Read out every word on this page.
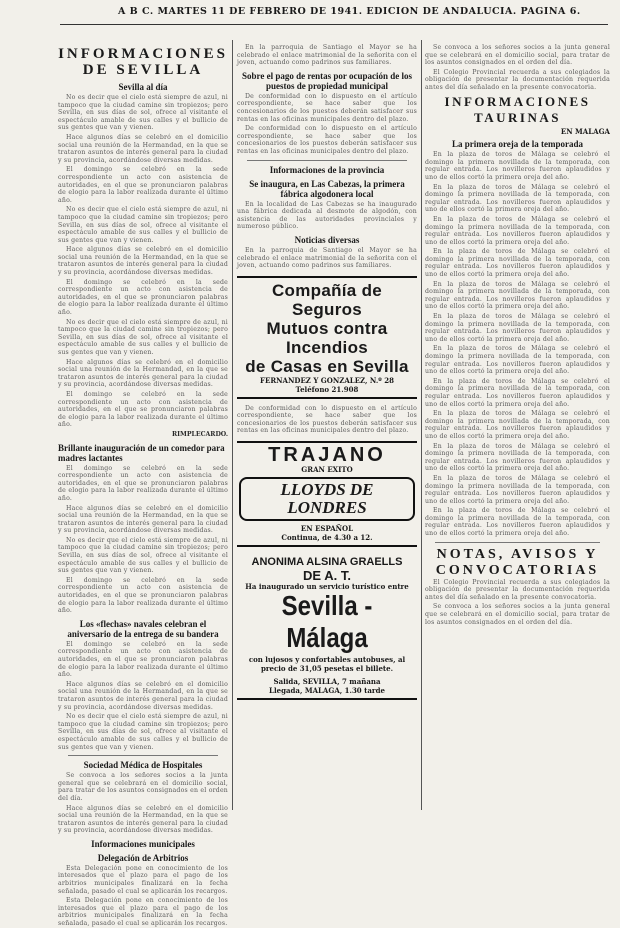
A B C. MARTES 11 DE FEBRERO DE 1941. EDICION DE ANDALUCIA. PAGINA 6.
INFORMACIONES DE SEVILLA
Sevilla al día

No es decir que el cielo está siempre de azul, ni tampoco que la ciudad camine sin tropiezos; pero Sevilla, en sus días de sol, ofrece al visitante el espectáculo amable de sus calles y el bullicio de sus gentes que van y vienen.

Hace algunos días se celebró en el domicilio social una reunión de la Hermandad, en la que se trataron asuntos de interés general para la ciudad y su provincia, acordándose diversas medidas.

El domingo se celebró en la sede correspondiente un acto con asistencia de autoridades, en el que se pronunciaron palabras de elogio para la labor realizada durante el último año.

No es decir que el cielo está siempre de azul, ni tampoco que la ciudad camine sin tropiezos; pero Sevilla, en sus días de sol, ofrece al visitante el espectáculo amable de sus calles y el bullicio de sus gentes que van y vienen.

Hace algunos días se celebró en el domicilio social una reunión de la Hermandad, en la que se trataron asuntos de interés general para la ciudad y su provincia, acordándose diversas medidas.

El domingo se celebró en la sede correspondiente un acto con asistencia de autoridades, en el que se pronunciaron palabras de elogio para la labor realizada durante el último año.

No es decir que el cielo está siempre de azul, ni tampoco que la ciudad camine sin tropiezos; pero Sevilla, en sus días de sol, ofrece al visitante el espectáculo amable de sus calles y el bullicio de sus gentes que van y vienen.

Hace algunos días se celebró en el domicilio social una reunión de la Hermandad, en la que se trataron asuntos de interés general para la ciudad y su provincia, acordándose diversas medidas.

El domingo se celebró en la sede correspondiente un acto con asistencia de autoridades, en el que se pronunciaron palabras de elogio para la labor realizada durante el último año.

RIMPLECARDO.

Brillante inauguración de un comedor para madres lactantes

El domingo se celebró en la sede correspondiente un acto con asistencia de autoridades, en el que se pronunciaron palabras de elogio para la labor realizada durante el último año.

Hace algunos días se celebró en el domicilio social una reunión de la Hermandad, en la que se trataron asuntos de interés general para la ciudad y su provincia, acordándose diversas medidas.

No es decir que el cielo está siempre de azul, ni tampoco que la ciudad camine sin tropiezos; pero Sevilla, en sus días de sol, ofrece al visitante el espectáculo amable de sus calles y el bullicio de sus gentes que van y vienen.

El domingo se celebró en la sede correspondiente un acto con asistencia de autoridades, en el que se pronunciaron palabras de elogio para la labor realizada durante el último año.

Los «flechas» navales celebran el aniversario de la entrega de su bandera

El domingo se celebró en la sede correspondiente un acto con asistencia de autoridades, en el que se pronunciaron palabras de elogio para la labor realizada durante el último año.

Hace algunos días se celebró en el domicilio social una reunión de la Hermandad, en la que se trataron asuntos de interés general para la ciudad y su provincia, acordándose diversas medidas.

No es decir que el cielo está siempre de azul, ni tampoco que la ciudad camine sin tropiezos; pero Sevilla, en sus días de sol, ofrece al visitante el espectáculo amable de sus calles y el bullicio de sus gentes que van y vienen.

Sociedad Médica de Hospitales

Se convoca a los señores socios a la junta general que se celebrará en el domicilio social, para tratar de los asuntos consignados en el orden del día.

Hace algunos días se celebró en el domicilio social una reunión de la Hermandad, en la que se trataron asuntos de interés general para la ciudad y su provincia, acordándose diversas medidas.

Informaciones municipales
Delegación de Arbitrios

Esta Delegación pone en conocimiento de los interesados que el plazo para el pago de los arbitrios municipales finalizará en la fecha señalada, pasado el cual se aplicarán los recargos.

Esta Delegación pone en conocimiento de los interesados que el plazo para el pago de los arbitrios municipales finalizará en la fecha señalada, pasado el cual se aplicarán los recargos.

En la parroquia de Santiago el Mayor se ha celebrado el enlace matrimonial de la señorita con el joven, actuando como padrinos sus familiares.

Sobre el pago de rentas por ocupación de los puestos de propiedad municipal

De conformidad con lo dispuesto en el artículo correspondiente, se hace saber que los concesionarios de los puestos deberán satisfacer sus rentas en las oficinas municipales dentro del plazo.

De conformidad con lo dispuesto en el artículo correspondiente, se hace saber que los concesionarios de los puestos deberán satisfacer sus rentas en las oficinas municipales dentro del plazo.

Informaciones de la provincia
Se inaugura, en Las Cabezas, la primera fábrica algodonera local

En la localidad de Las Cabezas se ha inaugurado una fábrica dedicada al desmote de algodón, con asistencia de las autoridades provinciales y numeroso público.

Noticias diversas

En la parroquia de Santiago el Mayor se ha celebrado el enlace matrimonial de la señorita con el joven, actuando como padrinos sus familiares.

Compañía de Seguros
Mutuos contra Incendios
de Casas en Sevilla
FERNANDEZ Y GONZALEZ, N.º 28
Teléfono 21.908

De conformidad con lo dispuesto en el artículo correspondiente, se hace saber que los concesionarios de los puestos deberán satisfacer sus rentas en las oficinas municipales dentro del plazo.

TRAJANO
GRAN EXITO
LLOYDS DE LONDRES
EN ESPAÑOL
Continua, de 4.30 a 12.
ANONIMA ALSINA GRAELLS
DE A. T.
Ha inaugurado un servicio turístico entre
Sevilla - Málaga
con lujosos y confortables autobuses, al precio de 31,05 pesetas el billete.
Salida, SEVILLA, 7 mañana
Llegada, MALAGA, 1.30 tarde

Se convoca a los señores socios a la junta general que se celebrará en el domicilio social, para tratar de los asuntos consignados en el orden del día.

El Colegio Provincial recuerda a sus colegiados la obligación de presentar la documentación requerida antes del día señalado en la presente convocatoria.

INFORMACIONES TAURINAS
EN MALAGA
La primera oreja de la temporada

En la plaza de toros de Málaga se celebró el domingo la primera novillada de la temporada, con regular entrada. Los novilleros fueron aplaudidos y uno de ellos cortó la primera oreja del año.

En la plaza de toros de Málaga se celebró el domingo la primera novillada de la temporada, con regular entrada. Los novilleros fueron aplaudidos y uno de ellos cortó la primera oreja del año.

En la plaza de toros de Málaga se celebró el domingo la primera novillada de la temporada, con regular entrada. Los novilleros fueron aplaudidos y uno de ellos cortó la primera oreja del año.

En la plaza de toros de Málaga se celebró el domingo la primera novillada de la temporada, con regular entrada. Los novilleros fueron aplaudidos y uno de ellos cortó la primera oreja del año.

En la plaza de toros de Málaga se celebró el domingo la primera novillada de la temporada, con regular entrada. Los novilleros fueron aplaudidos y uno de ellos cortó la primera oreja del año.

En la plaza de toros de Málaga se celebró el domingo la primera novillada de la temporada, con regular entrada. Los novilleros fueron aplaudidos y uno de ellos cortó la primera oreja del año.

En la plaza de toros de Málaga se celebró el domingo la primera novillada de la temporada, con regular entrada. Los novilleros fueron aplaudidos y uno de ellos cortó la primera oreja del año.

En la plaza de toros de Málaga se celebró el domingo la primera novillada de la temporada, con regular entrada. Los novilleros fueron aplaudidos y uno de ellos cortó la primera oreja del año.

En la plaza de toros de Málaga se celebró el domingo la primera novillada de la temporada, con regular entrada. Los novilleros fueron aplaudidos y uno de ellos cortó la primera oreja del año.

En la plaza de toros de Málaga se celebró el domingo la primera novillada de la temporada, con regular entrada. Los novilleros fueron aplaudidos y uno de ellos cortó la primera oreja del año.

En la plaza de toros de Málaga se celebró el domingo la primera novillada de la temporada, con regular entrada. Los novilleros fueron aplaudidos y uno de ellos cortó la primera oreja del año.

En la plaza de toros de Málaga se celebró el domingo la primera novillada de la temporada, con regular entrada. Los novilleros fueron aplaudidos y uno de ellos cortó la primera oreja del año.

NOTAS, AVISOS Y CONVOCATORIAS

El Colegio Provincial recuerda a sus colegiados la obligación de presentar la documentación requerida antes del día señalado en la presente convocatoria.

Se convoca a los señores socios a la junta general que se celebrará en el domicilio social, para tratar de los asuntos consignados en el orden del día.
